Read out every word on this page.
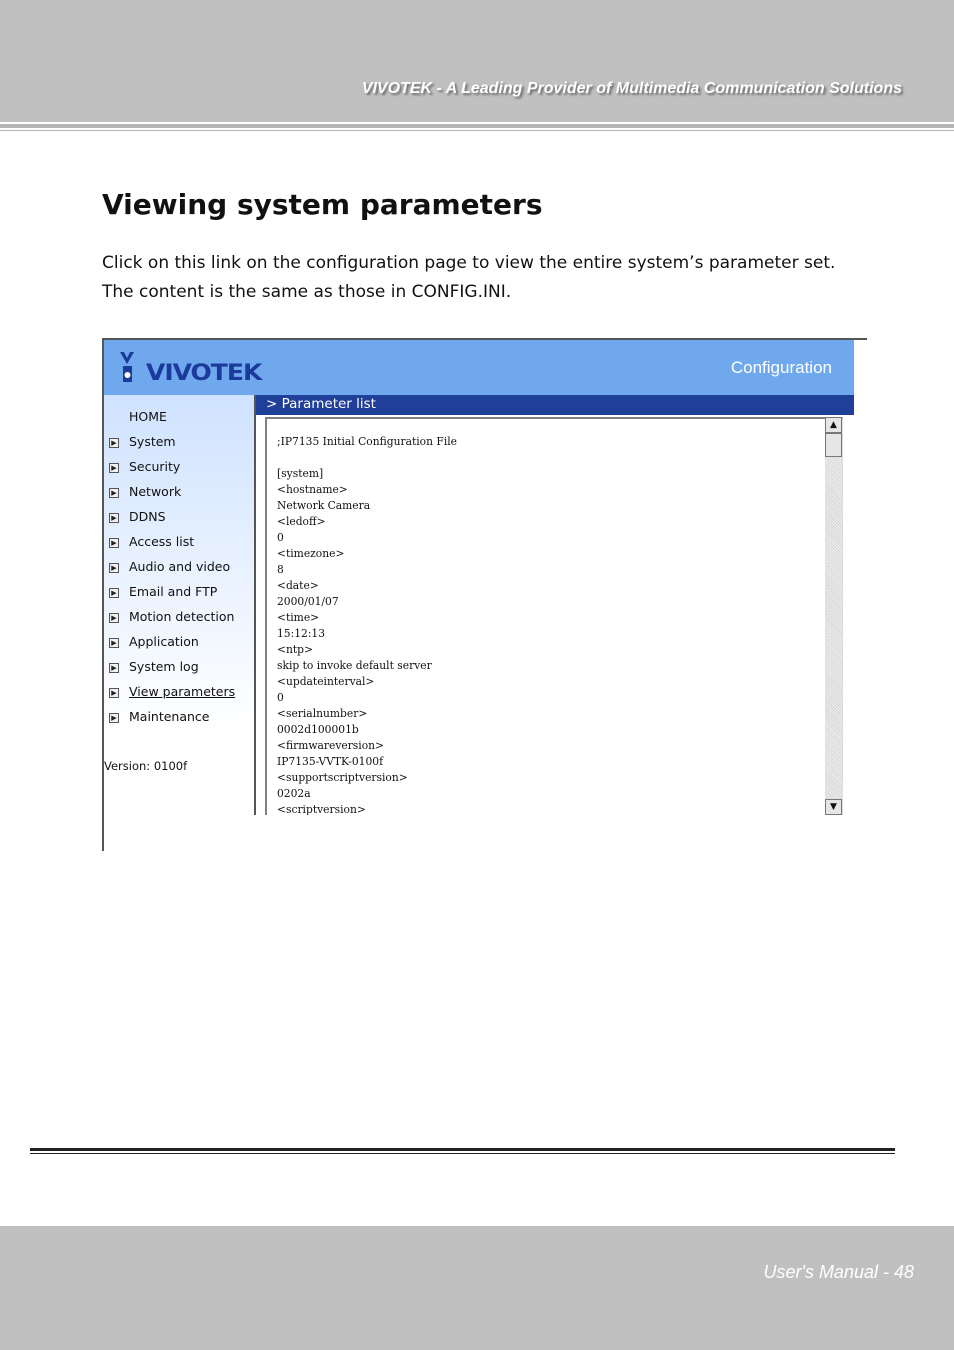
VIVOTEK - A Leading Provider of Multimedia Communication Solutions
Viewing system parameters

Click on this link on the configuration page to view the entire system’s parameter set.

The content is the same as those in CONFIG.INI.

VIVOTEK	Configuration
HOME
▶ System
▶ Security
▶ Network
▶ DDNS
▶ Access list
▶ Audio and video
▶ Email and FTP
▶ Motion detection
▶ Application
▶ System log
▶ View parameters
▶ Maintenance
Version: 0100f
> Parameter list
;IP7135 Initial Configuration File

[system]
<hostname>
Network Camera
<ledoff>
0
<timezone>
8
<date>
2000/01/07
<time>
15:12:13
<ntp>
skip to invoke default server
<updateinterval>
0
<serialnumber>
0002d100001b
<firmwareversion>
IP7135-VVTK-0100f
<supportscriptversion>
0202a
<scriptversion>
▲
▼
User's Manual - 48
